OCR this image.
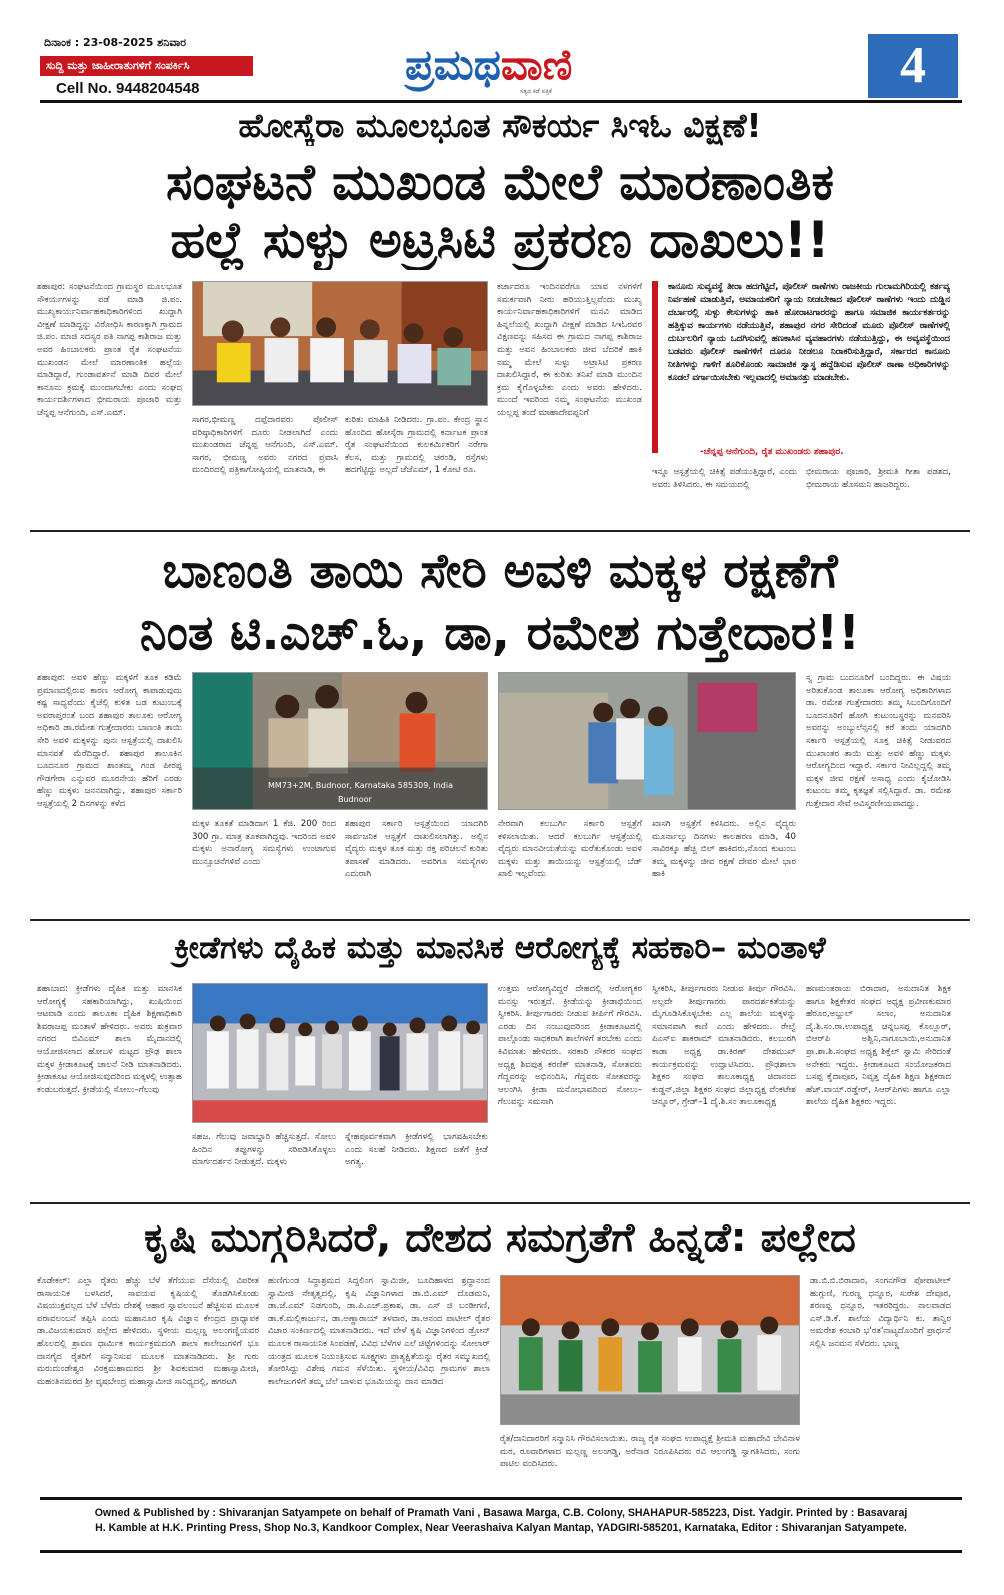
ದಿನಾಂಕ : 23-08-2025 ಶನಿವಾರ
ಸುದ್ದಿ ಮತ್ತು ಜಾಹೀರಾತುಗಳಿಗೆ ಸಂಪರ್ಕಿಸಿ
Cell No. 9448204548	ಪ್ರಮಥವಾಣಿ
ಸತ್ಯದ ಕಡೆ ಪತ್ರಿಕೆ	4
ಹೋಸ್ಕೆರಾ ಮೂಲಭೂತ ಸೌಕರ್ಯ ಸಿಇಓ ವಿಕ್ಷಣೆ!
ಸಂಘಟನೆ ಮುಖಂಡ ಮೇಲೆ ಮಾರಣಾಂತಿಕ
ಹಲ್ಲೆ ಸುಳ್ಳು ಅಟ್ರಸಿಟಿ ಪ್ರಕರಣ ದಾಖಲು!!
ಶಹಾಪುರ: ಸಂಘಟನೆಯಿಂದ ಗ್ರಾಮಸ್ಥರ ಮೂಲಭೂತ ಸೌಕರ್ಯಗಳನ್ನು ಪಡೆ ಮಾಡಿ ಜಿ.ಪಂ. ಮುಖ್ಯಕಾರ್ಯನಿರ್ವಾಹಕಾಧಿಕಾರಿಗಳಿಂದ ಖುದ್ದಾಗಿ ವೀಕ್ಷಣೆ ಮಾಡಿದ್ದನ್ನು ವಿರೋಧಿಸಿ ಕಾರಣಕ್ಕಾಗಿ ಗ್ರಾಮದ ಜಿ.ಪಂ. ಮಾಜಿ ಸದಸ್ಯರ ಪತಿ ನಾಗಪ್ಪ ಕಾಶಿರಾಜ ಮತ್ತು ಅವರ ಹಿಂಬಾಲಕರು ಪ್ರಾಂತ ರೈತ ಸಂಘಟನೆಯ ಮುಖಂಡನ ಮೇಲೆ ಮಾರಣಾಂತಿಕ ಹಲ್ಲೆಯ ಮಾಡಿದ್ದಾರೆ, ಗುಂಡಾವರ್ತನೆ ಮಾಡಿ ದಿವರ ಮೇಲೆ ಕಾನೂನು ಕ್ರಮಕ್ಕೆ ಮುಂದಾಗಬೇಕು ಎಂದು ಸಂಘದ ಕಾರ್ಯದರ್ಶಿಗಳಾದ ಭೀಮರಾಯ ಪೂಜಾರಿ ಮತ್ತು ಚೆನ್ನಪ್ಪ ಆನೆಗುಂದಿ, ಎಸ್.ಎಮ್.
ಸಾಗರ,ಭೀಮಣ್ಣ ದಪ್ಪೆದಾರವರು ಪೊಲೀಸ್ ವರಿಷ್ಠಾಧಿಕಾರಿಗಳಿಗೆ ದೂರು ನೀಡಲಾಗಿದೆ ಎಂದು ಮುಖಂಡರಾದ ಚೆನ್ನಪ್ಪ ಆನೆಗುಂದಿ, ಎಸ್.ಎಮ್. ಸಾಗರ, ಭೀಮಣ್ಣ ಅವರು ನಗರದ ಪ್ರವಾಸಿ ಮಂದಿರದಲ್ಲಿ ಪತ್ರಿಕಾಗೋಷ್ಠಿಯಲ್ಲಿ ಮಾತನಾಡಿ, ಈ
ಕುರಿತು ಮಾಹಿತಿ ನೀಡಿದರು. ಗ್ರಾ.ಪಂ. ಕೇಂದ್ರ ಸ್ಥಾನ ಹೊಂದಿದ ಹೋಸ್ಕೆರಾ ಗ್ರಾಮದಲ್ಲಿ ಕರ್ನಾಟಕ ಪ್ರಾಂತ ರೈತ ಸಂಘಟನೆಯಿಂದ ಕುಲಕರ್ಮಿಕರಿಗೆ ನರೇಗಾ ಕೆಲಸ, ಮತ್ತು ಗ್ರಾಮದಲ್ಲಿ ಚರಂಡಿ, ರಸ್ತೆಗಳು ಹದಗೆಟ್ಟಿದ್ದು ಅಲ್ಲದೆ ಜೆಜೆಎಮ್, 1 ಕೋಟಿ ರೂ.
ಕರ್ಚಾದರೂ ಇಂದಿನವರೆಗೂ ಯಾವ ನಳಗಳಿಗೆ ಸಮರ್ಕವಾಗಿ ನೀರು ಹರಿಯುತ್ತಿಲ್ಲವೆಂದು ಮುಖ್ಯ ಕಾರ್ಯನಿರ್ವಾಹಕಾಧಿಕಾರಿಗಳಿಗೆ ಮನವಿ ಮಾಡಿದ ಹಿನ್ನಲೆಯಲ್ಲಿ ಖುದ್ದಾಗಿ ವೀಕ್ಷಣೆ ಮಾಡಿದ ಸಿಇಓರವರ ವಿಕ್ಷಣವನ್ನು ಸಹಿಸದ ಈ ಗ್ರಾಮದ ನಾಗಪ್ಪ ಕಾಶಿರಾಜ ಮತ್ತು ಅವನ ಹಿಂಬಾಲಕರು ಜೀವ ಬೆದರಿಕೆ ಹಾಕಿ ನಮ್ಮ ಮೇಲೆ ಸುಳ್ಳು ಅಟ್ರಾಸಿಟಿ ಪ್ರಕರಣ ದಾಖಲಿಸಿದ್ದಾರೆ, ಈ ಕುರಿತು ತನಿಖೆ ಮಾಡಿ ಮುಂದಿನ ಕ್ರಮ ಕೈಗೊಳ್ಳಬೇಕು ಎಂದು ಅವರು ಹೇಳಿದರು. ಮುಂದೆ ಇವರಿಂದ ನಮ್ಮ ಸಂಘಟನೆಯ ಮುಖಂಡ ಯಲ್ಲಪ್ಪ ತಂದೆ ಮಾಹಾದೇವಪ್ಪನಿಗೆ
ಕಾನೂನು ಸುವ್ಯವಸ್ಥೆ ತೀರಾ ಹದಗೆಟ್ಟಿದೆ, ಪೊಲೀಸ್ ಠಾಣೆಗಳು ರಾಜಕೀಯ ಗುಲಾಮಗಿರಿಯಲ್ಲಿ ಕರ್ತವ್ಯ ನಿರ್ವಹಣೆ ಮಾಡುತ್ತಿವೆ, ಅಮಾಯಕರಿಗೆ ನ್ಯಾಯ ನೀಡಬೇಕಾದ ಪೊಲೀಸ್ ಠಾಣೆಗಳು ಇಂದು ದುಡ್ಡಿನ ದರ್ಬಾರಲ್ಲಿ ಸುಳ್ಳು ಕೇಸುಗಳನ್ನು ಹಾಕಿ ಹೋರಾಟಗಾರರನ್ನು ಹಾಗೂ ಸಮಾಜಿಕ ಕಾರ್ಯಕರ್ತರನ್ನು ಹತ್ತಿಕ್ಕುವ ಕಾರ್ಯಗಳು ನಡೆಯುತ್ತಿವೆ, ಶಹಾಪುರ ನಗರ ಸೇರಿದಂತೆ ಮೂರು ಪೊಲೀಸ್ ಠಾಣೆಗಳಲ್ಲಿ ದುರ್ಬಲರಿಗೆ ನ್ಯಾಯ ಒದಗಿಸುವಲ್ಲಿ ಹಣಕಾಸಿನ ವ್ಯವಹಾರಗಳು ನಡೆಯುತ್ತಿದ್ದು, ಈ ಅವ್ಯವಸ್ಥೆಯಿಂದ ಬಡವರು ಪೊಲೀಸ್ ಠಾಣೆಗಳಿಗೆ ದೂರೂ ನೀಡಲೂ ನಿರಾಕರಿಸುತ್ತಿದ್ದಾರೆ, ಸರ್ಕಾರದ ಕಾನೂನು ನೀತಿಗಳನ್ನು ಗಾಳಿಗೆ ತೂರಿಕೊಂಡು ಸಾಮಾಜಿಕ ಸ್ವಾಸ್ಥ ಹದ್ದೆಡಿಸುವ ಪೊಲೀಸ್ ಠಾಣಾ ಅಧಿಕಾರಿಗಳನ್ನು ಕೂಡಲೆ ವರ್ಗಾಯಿಸಬೇಕು ಇಲ್ಲವಾದಲ್ಲಿ ಅಮಾನತ್ತು ಮಾಡಬೇಕು.
-ಚೆನ್ನಪ್ಪ ಆನೆಗುಂದಿ, ರೈತ ಮುಖಂಡರು ಶಹಾಪುರ.
ಇನ್ನೂ ಆಸ್ಪತ್ರೆಯಲ್ಲಿ ಚಿಕಿತ್ಸೆ ಪಡೆಯುತ್ತಿದ್ದಾರೆ, ಎಂದು ಅವರು ತಿಳಿಸಿದರು. ಈ ಸಮಯದಲ್ಲಿ
ಭೀಮರಾಯ ಪೂಜಾರಿ, ಶ್ರೀಮತಿ ಗೀತಾ ಪಡಶದ, ಭೀಮರಾಯ ಹೊಸಮನಿ ಹಾಜರಿದ್ದರು.
ಬಾಣಂತಿ ತಾಯಿ ಸೇರಿ ಅವಳಿ ಮಕ್ಕಳ ರಕ್ಷಣೆಗೆ
ನಿಂತ ಟಿ.ಎಚ್.ಓ, ಡಾ, ರಮೇಶ ಗುತ್ತೇದಾರ!!
ಶಹಾಪುರ: ಅವಳಿ ಹೆಣ್ಣು ಮಕ್ಕಳಿಗೆ ತೂಕ ಕಡಿಮೆ ಪ್ರಮಾಣದಲ್ಲಿರುವ ಕಾರಣ ಆರೋಗ್ಯ ಕಾಪಾಡುವುದು ಕಷ್ಟ ಸಾಧ್ಯವೆಂದು ಕೈಚೆಲ್ಲಿ ಕುಳಿತ ಬಡ ಕುಟುಂಬಕ್ಕೆ ಅವರಾಪ್ತರಂತೆ ಬಂದ ಶಹಾಪುರ ತಾಲೂಕು ಆರೋಗ್ಯ ಅಧಿಕಾರಿ ಡಾ.ರಮೇಶ ಗುತ್ತೇದಾರರು ಬಾಣಂತಿ ತಾಯಿ ಸೇರಿ ಅವಳಿ ಮಕ್ಕಳನ್ನು ಪುನಃ ಆಸ್ಪತ್ರೆಯಲ್ಲಿ ದಾಖಲಿಸಿ ಮಾನವತೆ ಮೆರೆದಿದ್ದಾರೆ. ಶಹಾಪುರ ತಾಲೂಕಿನ ಬೂದನೂರ ಗ್ರಾಮದ ಶಾಂತಮ್ಮ ಗಂಡ ಪೀರಪ್ಪ ಗೌಡಗೇರಾ ಎನ್ನುವರ ಮೂರನೇಯ ಹೆರಿಗೆ ಎರಡು ಹೆಣ್ಣು ಮಕ್ಕಳು ಜನನವಾಗಿದ್ದು, ಶಹಾಪುರ ಸರ್ಕಾರಿ ಆಸ್ಪತ್ರೆಯಲ್ಲಿ 2 ದಿನಗಳನ್ನು ಕಳೆದ
MM73+2M, Budnoor, Karnataka 585309, India
Budnoor
ಮಕ್ಕಳ ತೂಕತೆ ಮಾಡಿದಾಗ 1 ಕೆಜಿ. 200 ರಿಂದ 300 ಗ್ರಾ. ಮಾತ್ರ ತೂಕವಾಗಿದ್ದವು. ಇದರಿಂದ ಅವಳಿ ಮಕ್ಕಳು ಅನಾರೋಗ್ಯ ಸಮಸ್ಯೆಗಳು ಉಂಟಾಗುವ ಮುನ್ಸೂಚನೆಗಳಿವೆ ಎಂದು
ಶಹಾಪುರ ಸರ್ಕಾರಿ ಆಸ್ಪತ್ರೆಯಿಂದ ಯಾದಗಿರಿ ಸಾರ್ವಜನಿಕ ಆಸ್ಪತ್ರೆಗೆ ದಾಖಲಿಸಲಾಗಿತ್ತು. ಅಲ್ಲಿನ ವೈದ್ಯರು ಮಕ್ಕಳ ತೂಕ ಮತ್ತು ರಕ್ತ ಪರಿಚಲನೆ ಕುರಿತು ತಪಾಸಣೆ ಮಾಡಿದರು. ಅವರಿಗೂ ಸಮಸ್ಯೆಗಳು ಎದುರಾಗಿ
ನೇರವಾಗಿ ಕಲಬುರ್ಗಿ ಸರ್ಕಾರಿ ಆಸ್ಪತ್ರೆಗೆ ಕಳಿಸಲಾಯಿತು. ಆದರೆ ಕಲಬುರ್ಗಿ ಆಸ್ಪತ್ರೆಯಲ್ಲಿ ವೈದ್ಯರು ಮಾನವೀಯತೆಯನ್ನು ಮರೆತುಕೊಂಡು ಅವಳಿ ಮಕ್ಕಳು ಮತ್ತು ತಾಯಿಯನ್ನು ಆಸ್ಪತ್ರೆಯಲ್ಲಿ ಬೆಡ್ ಖಾಲಿ ಇಲ್ಲವೆಂದು
ಖಾಸಗಿ ಆಸ್ಪತ್ರೆಗೆ ಕಳಿಸಿದರು. ಅಲ್ಲಿನ ವೈದ್ಯರು ಮೂರ್ನಾಲ್ಕು ದಿನಗಳು ಕಾಲಹರಣ ಮಾಡಿ, 40 ಸಾವಿರಕ್ಕೂ ಹೆಚ್ಚಿ ಬಿಲ್ ಹಾಕಿದರು,ನೊಂದ ಕುಟುಂಬ ತಮ್ಮ ಮಕ್ಕಳನ್ನು ಜೀವ ರಕ್ಷಣೆ ದೇವರ ಮೇಲೆ ಭಾರ ಹಾಕಿ
ಸ್ವ ಗ್ರಾಮ ಬುದನೂರಿಗೆ ಬಂದಿದ್ದರು. ಈ ವಿಷಯ ಅರಿತುಕೊಂಡ ತಾಲೂಕಾ ಆರೋಗ್ಯ ಅಧಿಕಾರಿಗಳಾದ ಡಾ. ರಮೇಶ ಗುತ್ತೇದಾರರು ತಮ್ಮ ಸಿಬಂದಿಗೊಂದಿಗೆ ಬೂದನೂರಿಗೆ ಹೋಗಿ ಕುಟುಂಬಸ್ಥರನ್ನು ಮನವರಿಸಿ ಅವರನ್ನು ಅಂಬ್ಯುಲೆನ್ಸನಲ್ಲಿ ಕರೆ ತಂದು ಯಾದಗಿರಿ ಸರ್ಕಾರಿ ಆಸ್ಪತ್ರೆಯಲ್ಲಿ ಸೂಕ್ತ ಚಿಕಿತ್ಸೆ ನೀಡುವರದ ಮುಖಾಂತರ ತಾಯಿ ಮತ್ತು ಅವಳಿ ಹೆಣ್ಣು ಮಕ್ಕಳು ಆರೋಗ್ಯದಿಂದ ಇದ್ದಾರೆ. ಸರ್ಕಾರ ನೀವಿಲ್ಲದ್ದಲ್ಲಿ ತಮ್ಮ ಮಕ್ಕಳ ಜೀವ ರಕ್ಷಣೆ ಅಸಾಧ್ಯ ಎಂದು ಕೈಜೋಡಿಸಿ ಕುಟುಂಬ ತಮ್ಮ ಕೃತಜ್ಞತೆ ಸಲ್ಲಿಸಿದ್ದಾರೆ. ಡಾ. ರಮೇಶ ಗುತ್ತೇದಾರ ಸೇವೆ ಅವಿಸ್ಮರಣೀಯವಾದದ್ದು.
ಕ್ರೀಡೆಗಳು ದೈಹಿಕ ಮತ್ತು ಮಾನಸಿಕ ಆರೋಗ್ಯಕ್ಕೆ ಸಹಕಾರಿ– ಮಂತಾಳೆ
ಶಹಾಬಾದ: ಕ್ರೀಡೆಗಳು ದೈಹಿಕ ಮತ್ತು ಮಾನಸಿಕ ಆರೋಗ್ಯಕ್ಕೆ ಸಹಕಾರಿಯಾಗಿದ್ದು, ಖುಷಿಯಿಂದ ಆಟವಾಡಿ ಎಂದು ತಾಲೂಕಾ ದೈಹಿಕ ಶಿಕ್ಷಣಾಧಿಕಾರಿ ಶಿವರಾಜಪ್ಪ ಮಂತಾಳೆ ಹೇಳಿದರು. ಅವರು ಶುಕ್ರವಾರ ನಗರದ ಬಿವಿಎಮ್ ಶಾಲಾ ಮೈದಾನದಲ್ಲಿ ಆಯೋಜಿಸಲಾದ ಹೋಬಳಿ ಮಟ್ಟದ ಪ್ರೌಢ ಶಾಲಾ ಮಕ್ಕಳ ಕ್ರೀಡಾಕೂಟಕ್ಕೆ ಚಾಲನೆ ನೀಡಿ ಮಾತನಾಡಿದರು. ಕ್ರೀಡಾಕೂಟ ಆಯೋಜಿಸುವುದರಿಂದ ಮಕ್ಕಳಲ್ಲಿ ಉತ್ಸಾಹ ಕಂಡುಬರುತ್ತದೆ. ಕ್ರೀಡೆಯಲ್ಲಿ ಸೋಲು–ಗೆಲುವು
ಸಹಜ. ಗೆಲುವು ಜವಾಬ್ದಾರಿ ಹೆಚ್ಚಿಸುತ್ತದೆ. ಸೋಲು ಹಿಂದಿನ ತಪ್ಪುಗಳನ್ನು ಸರಿಪಡಿಸಿಕೊಳ್ಳಲು ಮಾರ್ಗದರ್ಶನ ನೀಡುತ್ತದೆ. ಮಕ್ಕಳು
ಸ್ನೇಹಪೂರ್ವಕವಾಗಿ ಕ್ರೀಡೆಗಳಲ್ಲಿ ಭಾಗವಹಿಸಬೇಕು ಎಂದು ಸಲಹೆ ನೀಡಿದರು. ಶಿಕ್ಷಣದ ಜತೆಗೆ ಕ್ರೀಡೆ ಅಗತ್ಯ.
ಉತ್ತಮ ಆರೋಗ್ಯವಿದ್ದರೆ ದೇಹದಲ್ಲಿ ಆರೋಗ್ಯಕರ ಮನಸ್ಸು ಇರುತ್ತದೆ. ಕ್ರೀಡೆಯನ್ನು ಕ್ರೀಡಾಭಿಯಿಂದ ಸ್ವೀಕರಿಸಿ. ತೀರ್ಪುಗಾರರು ನೀಡುವ ತೀರ್ಪಿಗೆ ಗೌರವಿಸಿ. ಎರಡು ದಿನ ನಂಬುವುದರಿಂದ ಕ್ರೀಡಾಕೂಟದಲ್ಲಿ ಪಾಲ್ಗೊಂಡು ಸಾಧಕರಾಗಿ ಶಾಲೆಗಳಿಗೆ ತರಬೇಕು ಎಂದು ಕಿವಿಮಾತು ಹೇಳಿದರು. ಸರಕಾರಿ ನೌಕರರ ಸಂಘದ ಅಧ್ಯಕ್ಷ ಶಿವಪುತ್ರ ಕರಣಿಕ್ ಮಾತನಾಡಿ, ಸೋತವರು ಗೆದ್ದವರನ್ನು ಅಭಿನಂದಿಸಿ, ಗೆದ್ದವರು ಸೋತವರನ್ನು ಆಲಂಗಿಸಿ ಕ್ರೀಡಾ ಮನೋಭಾವದಿಂದ ಸೋಲು–ಗೆಲುವನ್ನು ಸಮನಾಗಿ
ಸ್ವೀಕರಿಸಿ, ತೀರ್ಪುಗಾರರು ನೀಡುವ ತೀರ್ಪು ಗೌರವಿಸಿ. ಅಲ್ಲದೇ ತೀರ್ಪುಗಾರರು ಪಾರದರ್ಶಕತೆಯನ್ನು ಮೈಗೂಡಿಸಿಕೊಳ್ಳಬೇಕು ಎಲ್ಲ ಶಾಲೆಯ ಮಕ್ಕಳನ್ನು ಸಮಾನವಾಗಿ ಕಾಣಿ ಎಂದು ಹೇಳಿದರು. ರೇಲ್ವೆ ಪಿಎಸ್ಐ ಶಾಕರಾಮ್ ಮಾತನಾಡಿದರು. ಕಲಬುರಗಿ ಕಾಡಾ ಅಧ್ಯಕ್ಷ ಡಾ.ಕಿರಣ್ ದೇಶಮುಖ್ ಕಾರ್ಯಕ್ರಮವನ್ನು ಉದ್ಘಾಟಿಸಿದರು. ಪ್ರೌಢಶಾಲಾ ಶಿಕ್ಷಕರ ಸಂಘದ ತಾಲೂಕಾಧ್ಯಕ್ಷ ಚಿದಾನಂದ ಕುಡ್ಡನ್,ಜಿಲ್ಲಾ ಶಿಕ್ಷಕರ ಸಂಘದ ಜಿಲ್ಲಾಧ್ಯಕ್ಷ ವೆಂಕಟೇಶ ಚನ್ನೂರ್, ಗ್ರೇಡ್–1 ದೈ.ಶಿ.ಸಂ ತಾಲೂಕಾಧ್ಯಕ್ಷ
ಹಣಮಂತರಾಯ ಬಿರಾದಾರ, ಅನುದಾನಿತ ಶಿಕ್ಷಕ ಹಾಗೂ ಶಿಕ್ಷಕೇತರ ಸಂಘದ ಅಧ್ಯಕ್ಷ ಪ್ರವೀಣಕುಮಾರ ಹೆರೂರ,ಅಬ್ದುಲ್ ಸಲಾಂ, ಅನುದಾನಿತ ದೈ.ಶಿ.ಸಂ.ರಾ.ಉಪಾಧ್ಯಕ್ಷ ಚನ್ನಬಸಪ್ಪ ಕೊಲ್ಲೂರ್, ಬಿಆರ್‌ಪಿ ಅಶ್ವಿನಿ,ನಾಗೂಬಾಯಿ,ಅನುದಾನಿತ ಪ್ರಾ.ಶಾ.ಶಿ.ಸಂಘದ ಅಧ್ಯಕ್ಷ ಶಿಕ್ತೆಲ್ ಸ್ವಾಮಿ ಸೇರಿದಂತೆ ಅನೇಕರು ಇದ್ದರು. ಕ್ರೀಡಾಕೂಟದ ಸಂಯೋಜಕರಾದ ಬಸಪ್ಪ ಕೈದಾಪೂರ, ನಿವೃತ್ತ ದೈಹಿಕ ಶಿಕ್ಷಣ ಶಿಕ್ಷಕರಾದ ಹೆಚ್.ವಾಯ್.ರಡ್ಡೇರ್, ಸಿಆರ್‌ಪಿಗಳು ಹಾಗೂ ಎಲ್ಲಾ ಶಾಲೆಯ ದೈಹಿಕ ಶಿಕ್ಷಕರು ಇದ್ದರು.
ಕೃಷಿ ಮುಗ್ಗರಿಸಿದರೆ, ದೇಶದ ಸಮಗ್ರತೆಗೆ ಹಿನ್ನಡೆ: ಪಲ್ಲೇದ
ಕೊಡೇಕಲ್: ಎಲ್ಲಾ ರೈತರು ಹೆಚ್ಚು ಬೆಳೆ ತೆಗೆಯುವ ದೆಸೆಯಲ್ಲಿ ವಿಪರೀತ ರಾಸಾಯನಿಕ ಬಳಸಿದರೆ, ಸಾವಯವ ಕೃಷಿಯಲ್ಲಿ ತೊಡಗಿಸಿಕೊಂಡು ವಿಷಯುಕ್ತವಲ್ಲದ ಬೆಳೆ ಬೆಳೆದು ದೇಶಕ್ಕೆ ಆಹಾರ ಸ್ವಾವಲಂಬನೆ ಹೆಚ್ಚಿಸುವ ಮೂಲಕ ಪರಾವಲಂಬನೆ ತಪ್ಪಿಸಿ ಎಂದು ಮಹಾನೂರ ಕೃಷಿ ವಿಜ್ಞಾನ ಕೇಂದ್ರದ ಪ್ರಾಧ್ಯಾಪಕ ಡಾ.ವಿಜಯಕುಮಾರ ಪಲ್ಲೇದ ಹೇಳಿದರು. ಸ್ಥಳೀಯ ಮಲ್ಲಣ್ಣ ಅಲಂಗಣ್ಣಿಯವರ ಹೊಲದಲ್ಲಿ ಶ್ರಾವಣ ಧಾರ್ಮಿಕ ಕಾರ್ಯಕ್ರಮದಂಗಿ ಶಾಲಾ ಕಾಲೇಜುಗಳಿಗೆ ಭೂ ದಾನಗೈದ ರೈತರಿಗೆ ಸನ್ಮಾನಿಸುವ ಮೂಲಕ ಮಾತನಾಡಿದರು. ಶ್ರೀ ಗುರು ಮರುದುಂಡೇಶ್ವರ ವಿರಕ್ತಮಹಾಮಠದ ಶ್ರೀ ಶಿವಕುಮಾರ ಮಹಾಸ್ವಾಮೀಜಿ, ಮಹಂತಿನಮಠದ ಶ್ರೀ ವೃಷಬೇಂದ್ರ ಮಹಾಸ್ವಾಮೀಜಿ ಸಾನಿಧ್ಯದಲ್ಲಿ, ಹಗರಟಗಿ
ಹುಣಿಗುಂಡ ಸಿದ್ಧಾಶ್ರಮದ ಸಿದ್ದಲಿಂಗ ಸ್ವಾಮಿಜೀ, ಬೂದಿಹಾಳದ ಶ್ರದ್ಧಾನಂದ ಸ್ವಾಮೀಜಿ ನೇತೃತ್ವದಲ್ಲಿ, ಕೃಷಿ ವಿಜ್ಞಾನಿಗಳಾದ ಡಾ.ಬಿ.ಎಮ್ ದೊಡಮನಿ, ಡಾ.ಜೆ.ಎಮ್ ನಿಡಗುಂದಿ, ಡಾ.ಪಿ.ಎಚ್.ಪ್ರಕಾಶ, ಡಾ. ಎಸ್ ಜಿ ಬಂಡೀಗಣಿ, ಡಾ.ಕೆ.ಮಲ್ಲಿಕಾರ್ಜುನ, ಡಾ.ಅಣ್ಣಾರಾಯ್ ತಳವಾರ, ಡಾ.ಆನಂದ ಪಾಟೀಲ್ ರೈತರ ವಿಚಾರ ಸಂಕಿರ್ಣದಲ್ಲಿ ಮಾತನಾಡಿದರು. ಇದೆ ವೇಳೆ ಕೃಷಿ ವಿಜ್ಞಾನಿಗಳಿಂದ ಡ್ರೋನ್ ಮೂಲಕ ರಾಸಾಯನಿಕ ಸಿಂಪಡಣೆ, ವಿವಿಧ ಬೆಳೆಗಳ ಎಲೆ ಚಿಟ್ಟೆಗಳಿಂದನ್ನು ಸೋಲಾರ್ ಯಂತ್ರದ ಮೂಲಕ ನಿಯಂತ್ರಿಸುವ ಸೂಕ್ಷ್ಮಗಳು ಪ್ರಾತ್ಯಕ್ಷಿತೆಯನ್ನು ರೈತರ ಸಮ್ಮುಖದಲ್ಲಿ ತೋರಿಸಿದ್ದು ವಿಶೇಷ ಗಮನ ಸೆಳೆಯಿತು. ಸ್ಥಳೀಯ/ವಿವಿಧ ಗ್ರಾಮಗಳ ಶಾಲಾ ಕಾಲೇಜುಗಳಿಗೆ ತಮ್ಮ ಬೆಲೆ ಬಾಳುವ ಭೂಮಿಯನ್ನು ದಾನ ಮಾಡಿದ
ರೈತ/ದಾನಿದಾರರಿಗೆ ಸನ್ಮಾನಿಸಿ ಗೌರವಿಸಲಾಯಿತು. ರಾಜ್ಯ ರೈತ ಸಂಘದ ಉಪಾಧ್ಯಕ್ಷೆ ಶ್ರೀಮತಿ ಮಹಾದೇವಿ ಬೇವಿನಾಳ ಮಠ, ರೂವಾರಿಗಳಾದ ಮಲ್ಲಣ್ಣ ಅಲಂಗಡ್ಡಿ, ಅರೆನಾಡ ನಿರೂಪಿಸಿದರು ರವಿ ಆಲಂಗಡ್ಡಿ ಸ್ವಾಗತಿಸಿದರು, ಸಂಗು ಪಾಟಿಲ ವಂದಿಸಿದರು.
ಡಾ.ಬಿ.ಬಿ.ಬಿರಾದಾರ, ಸಂಗನಗೌಡ ಪೋಪಾಟೀಲ್ ಹುಗ್ಗುಣಿ, ಗುರಣ್ಣ ಧನ್ನೂರ, ಸುರೇಶ ದೇವೂರ, ಶರಣಪ್ಪ ಧನ್ನೂರ, ಇತರರಿದ್ದರು. ನಾಲವಾಡದ ಎಸ್.ಡಿ.ಕೆ. ಶಾಲೆಯ ವಿದ್ಯಾರ್ಥಿನಿ ಕು. ತಾನ್ವಿರ ಅಮರೇಶ ಕಂಬಾರಿ ಭ'ರತ'ನಾಟ್ಯದೊಂದಿಗೆ ಪ್ರಾರ್ಥನೆ ಸಲ್ಲಿಸಿ ಜನಮನ ಸೆಳೆದರು. ಭಾಣ್ಣ
Owned & Published by : Shivaranjan Satyampete on behalf of Pramath Vani , Basawa Marga, C.B. Colony, SHAHAPUR-585223, Dist. Yadgir. Printed by : Basavaraj
H. Kamble at H.K. Printing Press, Shop No.3, Kandkoor Complex, Near Veerashaiva Kalyan Mantap, YADGIRI-585201, Karnataka, Editor : Shivaranjan Satyampete.
